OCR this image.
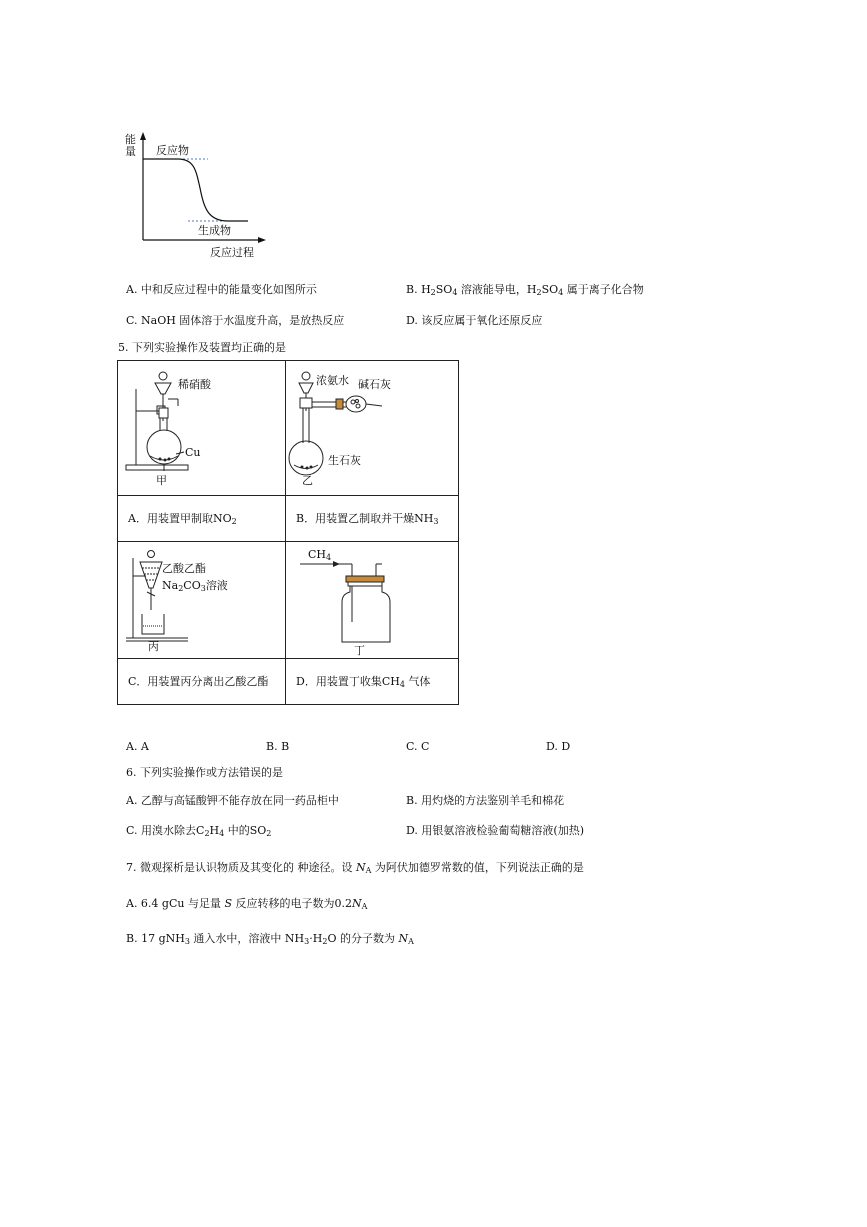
能量 反应物
生成物
反应过程
A. 中和反应过程中的能量变化如图所示	B. $H_2SO_4$ 溶液能导电，$H_2SO_4$ 属于离子化合物
C. NaOH 固体溶于水温度升高，是放热反应	D. 该反应属于氧化还原反应
5. 下列实验操作及装置均正确的是
稀硝酸
Cu
甲
浓氨水 碱石灰
生石灰
乙
A．用装置甲制取$NO_2$	B．用装置乙制取并干燥$NH_3$
乙酸乙酯
$Na_2CO_3$溶液
丙
$CH_4$
丁
C．用装置丙分离出乙酸乙酯	D．用装置丁收集$CH_4$ 气体
A. A	B. B	C. C	D. D
6. 下列实验操作或方法错误的是
A. 乙醇与高锰酸钾不能存放在同一药品柜中	B. 用灼烧的方法鉴别羊毛和棉花
C. 用溴水除去$C_2H_4$ 中的$SO_2$	D. 用银氨溶液检验葡萄糖溶液(加热)
7. 微观探析是认识物质及其变化的 种途径。设 $N_A$ 为阿伏加德罗常数的值，下列说法正确的是
A. 6.4 gCu 与足量 S 反应转移的电子数为$0.2N_A$
B. 17 gNH$_3$ 通入水中，溶液中 $NH_3\cdot H_2O$ 的分子数为 $N_A$
